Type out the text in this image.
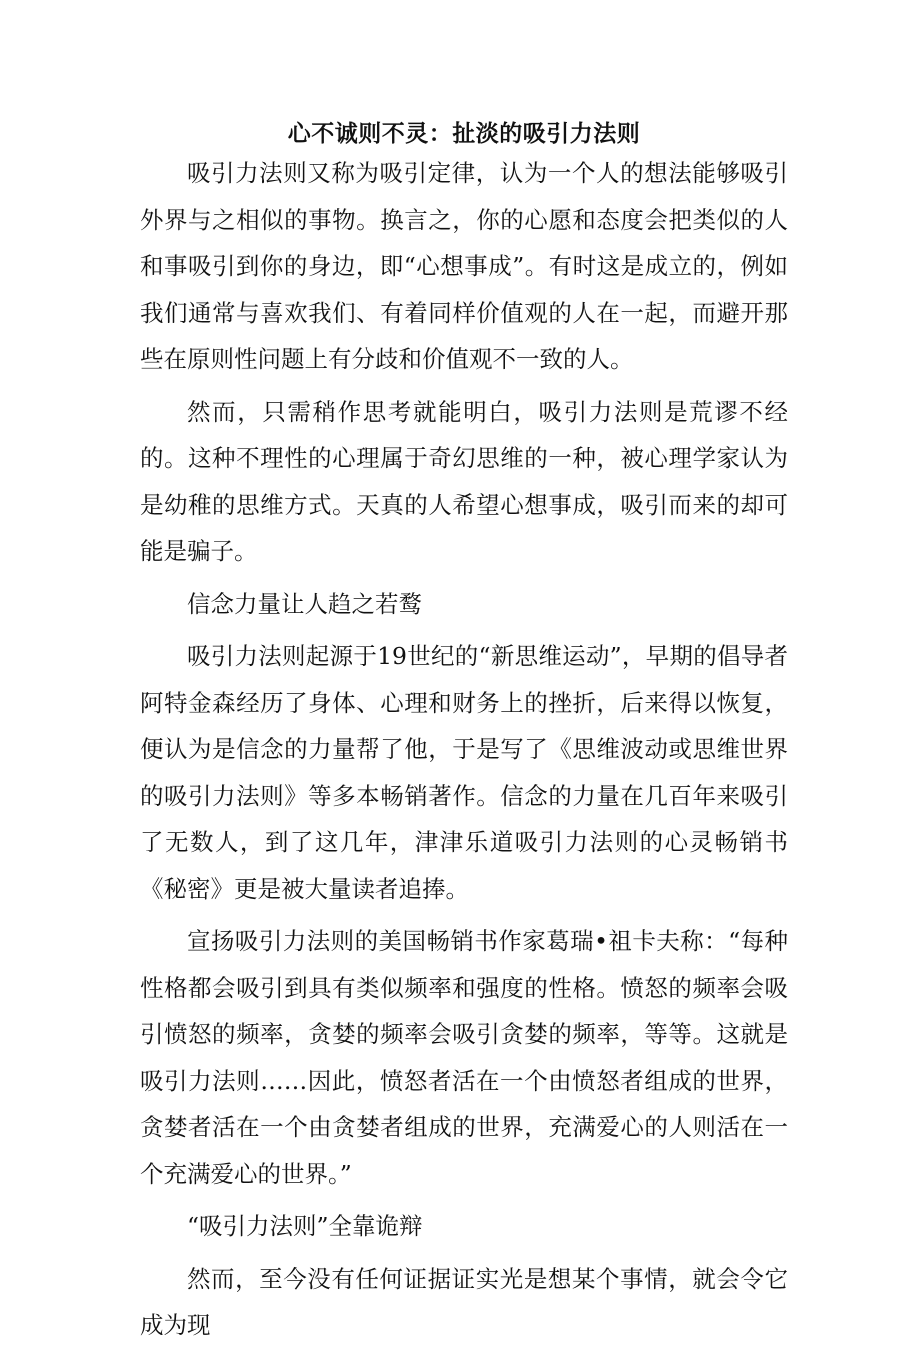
心不诚则不灵：扯淡的吸引力法则

吸引力法则又称为吸引定律，认为一个人的想法能够吸引外界与之相似的事物。换言之，你的心愿和态度会把类似的人和事吸引到你的身边，即“心想事成”。有时这是成立的，例如我们通常与喜欢我们、有着同样价值观的人在一起，而避开那些在原则性问题上有分歧和价值观不一致的人。

然而，只需稍作思考就能明白，吸引力法则是荒谬不经的。这种不理性的心理属于奇幻思维的一种，被心理学家认为是幼稚的思维方式。天真的人希望心想事成，吸引而来的却可能是骗子。

信念力量让人趋之若鹜

吸引力法则起源于19世纪的“新思维运动”，早期的倡导者阿特金森经历了身体、心理和财务上的挫折，后来得以恢复，便认为是信念的力量帮了他，于是写了《思维波动或思维世界的吸引力法则》等多本畅销著作。信念的力量在几百年来吸引了无数人，到了这几年，津津乐道吸引力法则的心灵畅销书《秘密》更是被大量读者追捧。

宣扬吸引力法则的美国畅销书作家葛瑞•祖卡夫称：“每种性格都会吸引到具有类似频率和强度的性格。愤怒的频率会吸引愤怒的频率，贪婪的频率会吸引贪婪的频率，等等。这就是吸引力法则……因此，愤怒者活在一个由愤怒者组成的世界，贪婪者活在一个由贪婪者组成的世界，充满爱心的人则活在一个充满爱心的世界。”

“吸引力法则”全靠诡辩

然而，至今没有任何证据证实光是想某个事情，就会令它成为现
